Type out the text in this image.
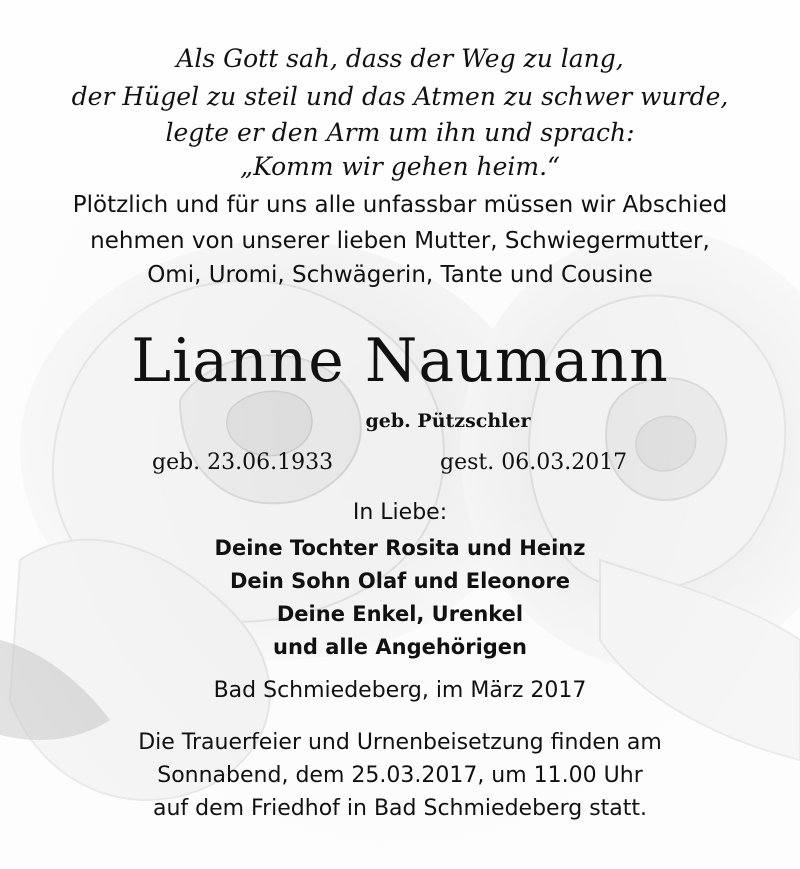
Als Gott sah, dass der Weg zu lang,
der Hügel zu steil und das Atmen zu schwer wurde,
legte er den Arm um ihn und sprach:
„Komm wir gehen heim.“
Plötzlich und für uns alle unfassbar müssen wir Abschied
nehmen von unserer lieben Mutter, Schwiegermutter,
Omi, Uromi, Schwägerin, Tante und Cousine
Lianne Naumann
geb. Pützschler
geb. 23.06.1933	gest. 06.03.2017
In Liebe:
Deine Tochter Rosita und Heinz
Dein Sohn Olaf und Eleonore
Deine Enkel, Urenkel
und alle Angehörigen
Bad Schmiedeberg, im März 2017
Die Trauerfeier und Urnenbeisetzung finden am
Sonnabend, dem 25.03.2017, um 11.00 Uhr
auf dem Friedhof in Bad Schmiedeberg statt.
